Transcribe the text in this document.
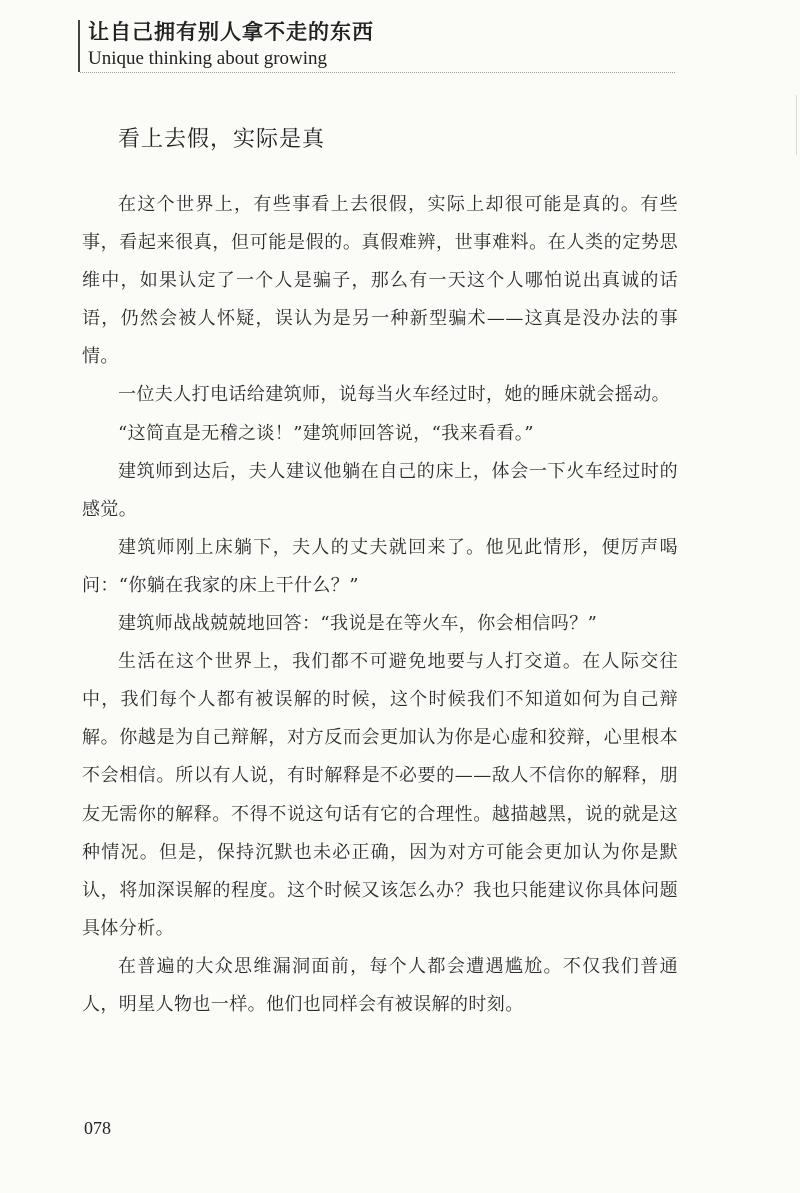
让自己拥有别人拿不走的东西
Unique thinking about growing
看上去假，实际是真

在这个世界上，有些事看上去很假，实际上却很可能是真的。有些事，看起来很真，但可能是假的。真假难辨，世事难料。在人类的定势思维中，如果认定了一个人是骗子，那么有一天这个人哪怕说出真诚的话语，仍然会被人怀疑，误认为是另一种新型骗术——这真是没办法的事情。

一位夫人打电话给建筑师，说每当火车经过时，她的睡床就会摇动。

“这简直是无稽之谈！”建筑师回答说，“我来看看。”

建筑师到达后，夫人建议他躺在自己的床上，体会一下火车经过时的感觉。

建筑师刚上床躺下，夫人的丈夫就回来了。他见此情形，便厉声喝问：“你躺在我家的床上干什么？”

建筑师战战兢兢地回答：“我说是在等火车，你会相信吗？”

生活在这个世界上，我们都不可避免地要与人打交道。在人际交往中，我们每个人都有被误解的时候，这个时候我们不知道如何为自己辩解。你越是为自己辩解，对方反而会更加认为你是心虚和狡辩，心里根本不会相信。所以有人说，有时解释是不必要的——敌人不信你的解释，朋友无需你的解释。不得不说这句话有它的合理性。越描越黑，说的就是这种情况。但是，保持沉默也未必正确，因为对方可能会更加认为你是默认，将加深误解的程度。这个时候又该怎么办？我也只能建议你具体问题具体分析。

在普遍的大众思维漏洞面前，每个人都会遭遇尴尬。不仅我们普通人，明星人物也一样。他们也同样会有被误解的时刻。

078
